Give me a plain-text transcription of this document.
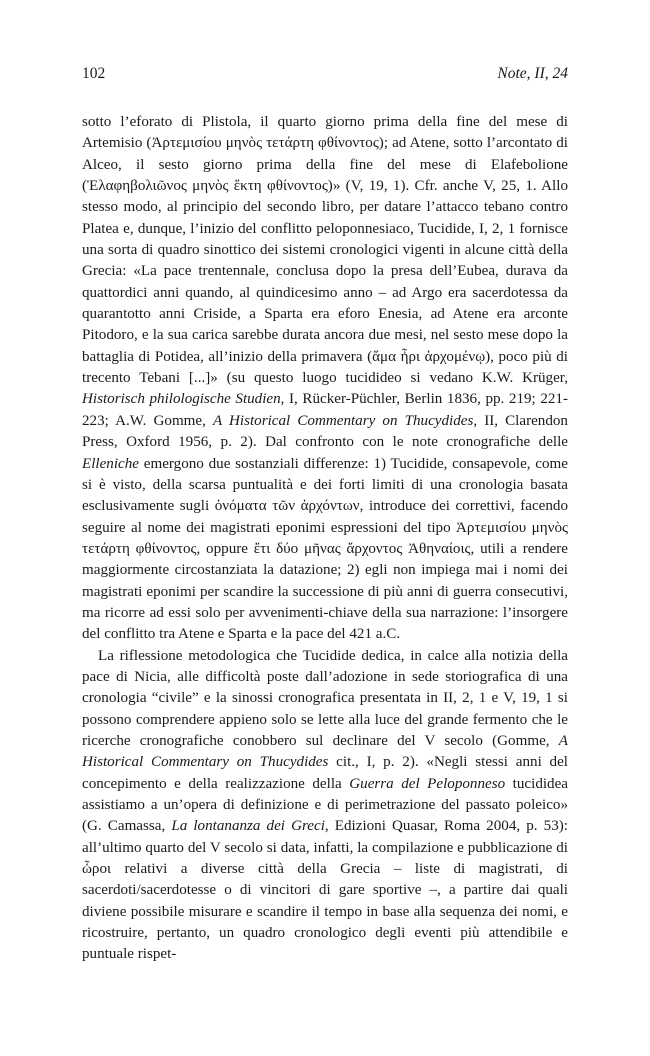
102	Note, II, 24

sotto l’eforato di Plistola, il quarto giorno prima della fine del mese di Artemisio (Ἀρτεμισίου μηνὸς τετάρτη φθίνοντος); ad Atene, sotto l’arcontato di Alceo, il sesto giorno prima della fine del mese di Elafebolione (Ἐλαφηβολιῶνος μηνὸς ἕκτη φθίνοντος)» (V, 19, 1). Cfr. anche V, 25, 1. Allo stesso modo, al principio del secondo libro, per datare l’attacco tebano contro Platea e, dunque, l’inizio del conflitto peloponnesiaco, Tucidide, I, 2, 1 fornisce una sorta di quadro sinottico dei sistemi cronologici vigenti in alcune città della Grecia: «La pace trentennale, conclusa dopo la presa dell’Eubea, durava da quattordici anni quando, al quindicesimo anno – ad Argo era sacerdotessa da quarantotto anni Criside, a Sparta era eforo Enesia, ad Atene era arconte Pitodoro, e la sua carica sarebbe durata ancora due mesi, nel sesto mese dopo la battaglia di Potidea, all’inizio della primavera (ἅμα ἦρι ἀρχομένῳ), poco più di trecento Tebani [...]» (su questo luogo tucidideo si vedano K.W. Krüger, Historisch philologische Studien, I, Rücker-Püchler, Berlin 1836, pp. 219; 221-223; A.W. Gomme, A Historical Commentary on Thucydides, II, Clarendon Press, Oxford 1956, p. 2). Dal confronto con le note cronografiche delle Elleniche emergono due sostanziali differenze: 1) Tucidide, consapevole, come si è visto, della scarsa puntualità e dei forti limiti di una cronologia basata esclusivamente sugli ὀνόματα τῶν ἀρχόντων, introduce dei correttivi, facendo seguire al nome dei magistrati eponimi espressioni del tipo Ἀρτεμισίου μηνὸς τετάρτη φθίνοντος, oppure ἔτι δύο μῆνας ἄρχοντος Ἀθηναίοις, utili a rendere maggiormente circostanziata la datazione; 2) egli non impiega mai i nomi dei magistrati eponimi per scandire la successione di più anni di guerra consecutivi, ma ricorre ad essi solo per avvenimenti-chiave della sua narrazione: l’insorgere del conflitto tra Atene e Sparta e la pace del 421 a.C.

La riflessione metodologica che Tucidide dedica, in calce alla notizia della pace di Nicia, alle difficoltà poste dall’adozione in sede storiografica di una cronologia “civile” e la sinossi cronografica presentata in II, 2, 1 e V, 19, 1 si possono comprendere appieno solo se lette alla luce del grande fermento che le ricerche cronografiche conobbero sul declinare del V secolo (Gomme, A Historical Commentary on Thucydides cit., I, p. 2). «Negli stessi anni del concepimento e della realizzazione della Guerra del Peloponneso tucididea assistiamo a un’opera di definizione e di perimetrazione del passato poleico» (G. Camassa, La lontananza dei Greci, Edizioni Quasar, Roma 2004, p. 53): all’ultimo quarto del V secolo si data, infatti, la compilazione e pubblicazione di ὧροι relativi a diverse città della Grecia – liste di magistrati, di sacerdoti/sacerdotesse o di vincitori di gare sportive –, a partire dai quali diviene possibile misurare e scandire il tempo in base alla sequenza dei nomi, e ricostruire, pertanto, un quadro cronologico degli eventi più attendibile e puntuale rispet-
